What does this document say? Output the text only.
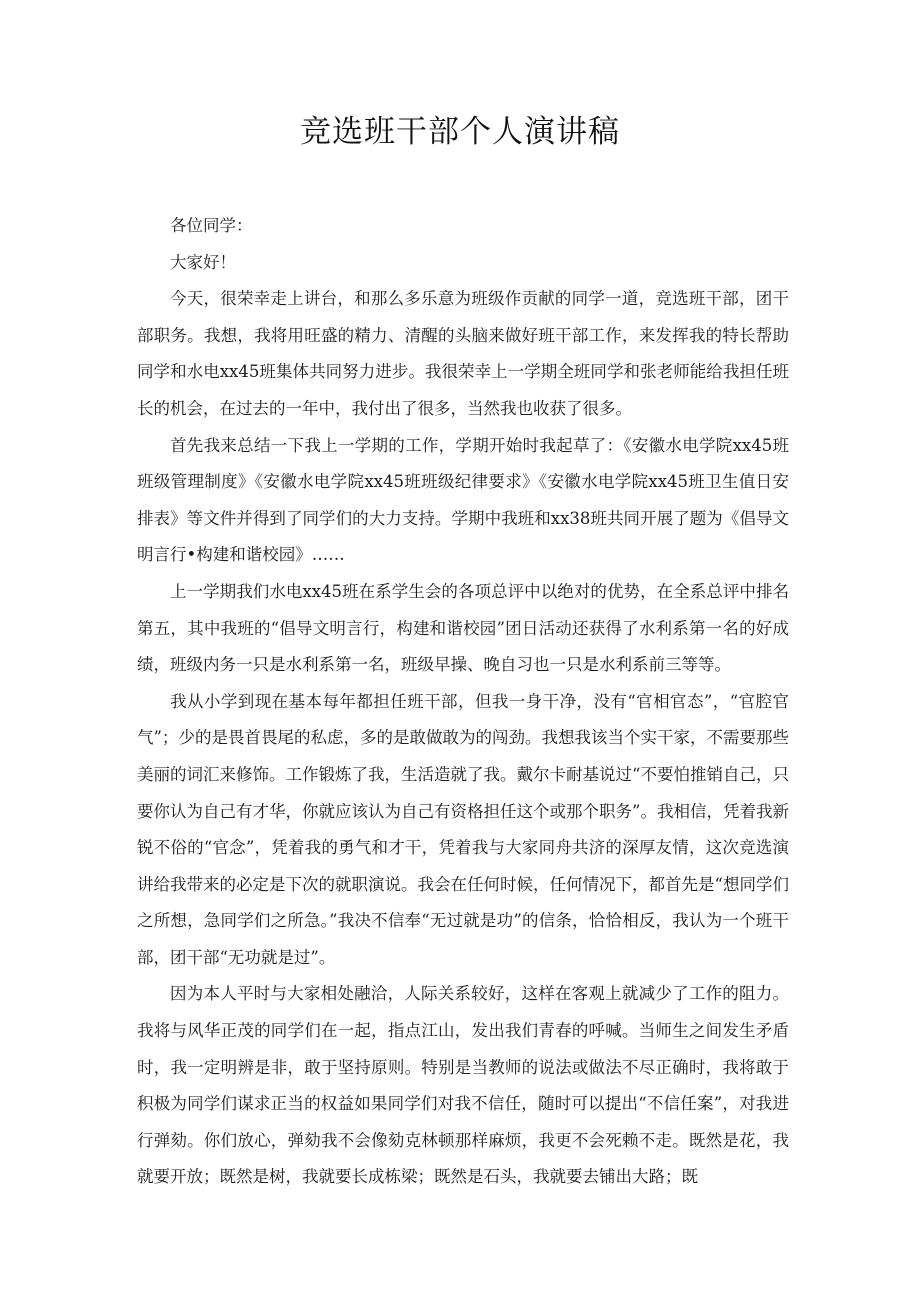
竞选班干部个人演讲稿

各位同学：

大家好！

今天，很荣幸走上讲台，和那么多乐意为班级作贡献的同学一道，竞选班干部，团干部职务。我想，我将用旺盛的精力、清醒的头脑来做好班干部工作，来发挥我的特长帮助同学和水电xx45班集体共同努力进步。我很荣幸上一学期全班同学和张老师能给我担任班长的机会，在过去的一年中，我付出了很多，当然我也收获了很多。

首先我来总结一下我上一学期的工作，学期开始时我起草了：《安徽水电学院xx45班班级管理制度》《安徽水电学院xx45班班级纪律要求》《安徽水电学院xx45班卫生值日安排表》等文件并得到了同学们的大力支持。学期中我班和xx38班共同开展了题为《倡导文明言行•构建和谐校园》……

上一学期我们水电xx45班在系学生会的各项总评中以绝对的优势，在全系总评中排名第五，其中我班的“倡导文明言行，构建和谐校园”团日活动还获得了水利系第一名的好成绩，班级内务一只是水利系第一名，班级早操、晚自习也一只是水利系前三等等。

我从小学到现在基本每年都担任班干部，但我一身干净，没有“官相官态”，“官腔官气”；少的是畏首畏尾的私虑，多的是敢做敢为的闯劲。我想我该当个实干家，不需要那些美丽的词汇来修饰。工作锻炼了我，生活造就了我。戴尔卡耐基说过“不要怕推销自己，只要你认为自己有才华，你就应该认为自己有资格担任这个或那个职务”。我相信，凭着我新锐不俗的“官念”，凭着我的勇气和才干，凭着我与大家同舟共济的深厚友情，这次竞选演讲给我带来的必定是下次的就职演说。我会在任何时候，任何情况下，都首先是“想同学们之所想，急同学们之所急。”我决不信奉“无过就是功”的信条，恰恰相反，我认为一个班干部，团干部“无功就是过”。

因为本人平时与大家相处融洽，人际关系较好，这样在客观上就减少了工作的阻力。我将与风华正茂的同学们在一起，指点江山，发出我们青春的呼喊。当师生之间发生矛盾时，我一定明辨是非，敢于坚持原则。特别是当教师的说法或做法不尽正确时，我将敢于积极为同学们谋求正当的权益如果同学们对我不信任，随时可以提出“不信任案”，对我进行弹劾。你们放心，弹劾我不会像劾克林顿那样麻烦，我更不会死赖不走。既然是花，我就要开放；既然是树，我就要长成栋梁；既然是石头，我就要去铺出大路；既
